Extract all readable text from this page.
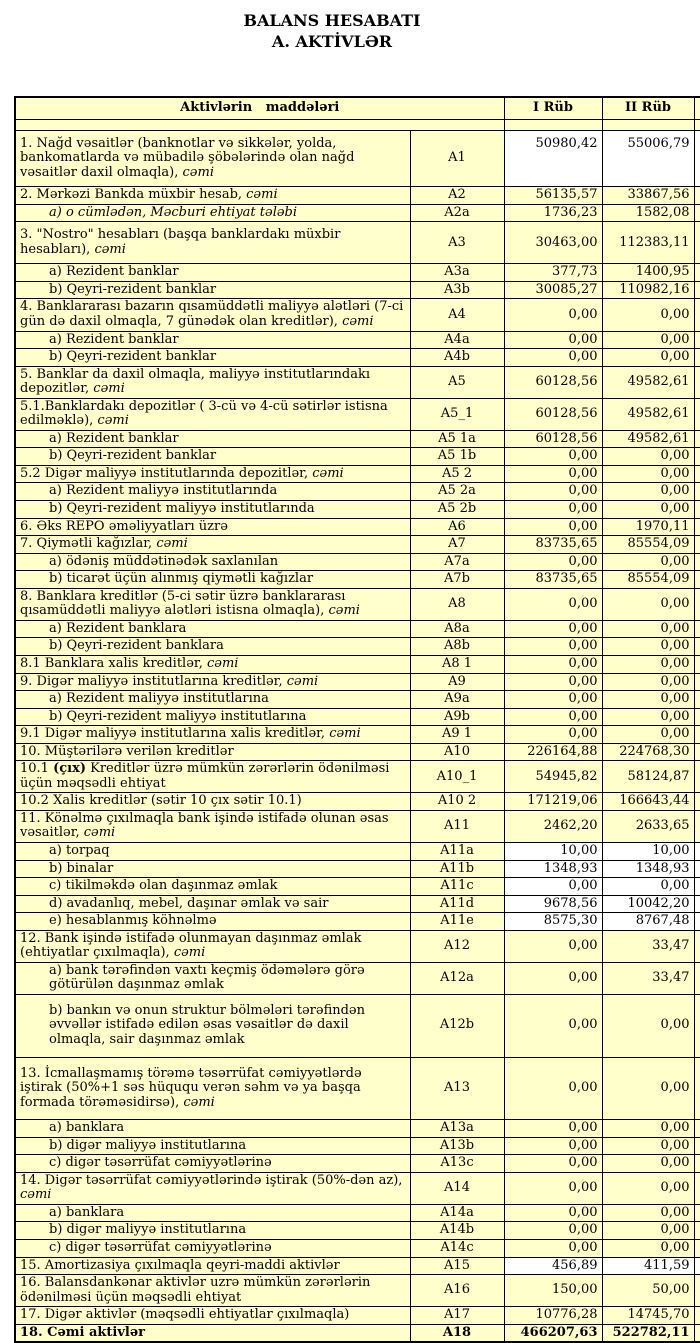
BALANS HESABATI
A. AKTİVLƏR
Aktivlərin   maddələri		I Rüb	II Rüb	

1. Nağd vəsaitlər (banknotlar və sikkələr, yolda, bankomatlarda və mübadilə şöbələrində olan nağd vəsaitlər daxil olmaqla), cəmi	A1	50980,42	55006,79	
2. Mərkəzi Bankda müxbir hesab, cəmi	A2	56135,57	33867,56	
a) o cümlədən, Məcburi ehtiyat tələbi	A2a	1736,23	1582,08	
3. "Nostro" hesabları (başqa banklardakı müxbir hesabları), cəmi	A3	30463,00	112383,11	
a) Rezident banklar	A3a	377,73	1400,95	
b) Qeyri-rezident banklar	A3b	30085,27	110982,16	
4. Banklararası bazarın qısamüddətli maliyyə alətləri (7-ci gün də daxil olmaqla, 7 günədək olan kreditlər), cəmi	A4	0,00	0,00	
a) Rezident banklar	A4a	0,00	0,00	
b) Qeyri-rezident banklar	A4b	0,00	0,00	
5. Banklar da daxil olmaqla, maliyyə institutlarındakı depozitlər, cəmi	A5	60128,56	49582,61	
5.1.Banklardakı depozitlər ( 3-cü və 4-cü sətirlər istisna edilməklə), cəmi	A5_1	60128,56	49582,61	
a) Rezident banklar	A5 1a	60128,56	49582,61	
b) Qeyri-rezident banklar	A5 1b	0,00	0,00	
5.2 Digər maliyyə institutlarında depozitlər, cəmi	A5 2	0,00	0,00	
a) Rezident maliyyə institutlarında	A5 2a	0,00	0,00	
b) Qeyri-rezident maliyyə institutlarında	A5 2b	0,00	0,00	
6. Əks REPO əməliyyatları üzrə	A6	0,00	1970,11	
7. Qiymətli kağızlar, cəmi	A7	83735,65	85554,09	
a) ödəniş müddətinədək saxlanılan	A7a	0,00	0,00	
b) ticarət üçün alınmış qiymətli kağızlar	A7b	83735,65	85554,09	
8. Banklara kreditlər (5-ci sətir üzrə banklararası qısamüddətli maliyyə alətləri istisna olmaqla), cəmi	A8	0,00	0,00	
a) Rezident banklara	A8a	0,00	0,00	
b) Qeyri-rezident banklara	A8b	0,00	0,00	
8.1 Banklara xalis kreditlər, cəmi	A8 1	0,00	0,00	
9. Digər maliyyə institutlarına kreditlər, cəmi	A9	0,00	0,00	
a) Rezident maliyyə institutlarına	A9a	0,00	0,00	
b) Qeyri-rezident maliyyə institutlarına	A9b	0,00	0,00	
9.1 Digər maliyyə institutlarına xalis kreditlər, cəmi	A9 1	0,00	0,00	
10. Müştərilərə verilən kreditlər	A10	226164,88	224768,30	
10.1 (çıx) Kreditlər üzrə mümkün zərərlərin ödənilməsi üçün məqsədli ehtiyat	A10_1	54945,82	58124,87	
10.2 Xalis kreditlər (sətir 10 çıx sətir 10.1)	A10 2	171219,06	166643,44	
11. Könəlmə çıxılmaqla bank işində istifadə olunan əsas vəsaitlər, cəmi	A11	2462,20	2633,65	
a) torpaq	A11a	10,00	10,00	
b) binalar	A11b	1348,93	1348,93	
c) tikilməkdə olan daşınmaz əmlak	A11c	0,00	0,00	
d) avadanlıq, mebel, daşınar əmlak və sair	A11d	9678,56	10042,20	
e) hesablanmış köhnəlmə	A11e	8575,30	8767,48	
12. Bank işində istifadə olunmayan daşınmaz əmlak (ehtiyatlar çıxılmaqla), cəmi	A12	0,00	33,47	
a) bank tərəfindən vaxtı keçmiş ödəmələrə görə götürülən daşınmaz əmlak	A12a	0,00	33,47	
b) bankın və onun struktur bölmələri tərəfindən əvvəllər istifadə edilən əsas vəsaitlər də daxil olmaqla, sair daşınmaz əmlak	A12b	0,00	0,00	
13. İcmallaşmamış törəmə təsərrüfat cəmiyyətlərdə iştirak (50%+1 səs hüququ verən səhm və ya başqa formada törəməsidirsə), cəmi	A13	0,00	0,00	
a) banklara	A13a	0,00	0,00	
b) digər maliyyə institutlarına	A13b	0,00	0,00	
c) digər təsərrüfat cəmiyyətlərinə	A13c	0,00	0,00	
14. Digər təsərrüfat cəmiyyətlərində iştirak (50%-dən az), cəmi	A14	0,00	0,00	
a) banklara	A14a	0,00	0,00	
b) digər maliyyə institutlarına	A14b	0,00	0,00	
c) digər təsərrüfat cəmiyyətlərinə	A14c	0,00	0,00	
15. Amortizasiya çıxılmaqla qeyri-maddi aktivlər	A15	456,89	411,59	
16. Balansdankənar aktivlər uzrə mümkün zərərlərin ödənilməsi üçün məqsədli ehtiyat	A16	150,00	50,00	
17. Digər aktivlər (məqsədli ehtiyatlar çıxılmaqla)	A17	10776,28	14745,70	
18. Cəmi aktivlər	A18	466207,63	522782,11	
